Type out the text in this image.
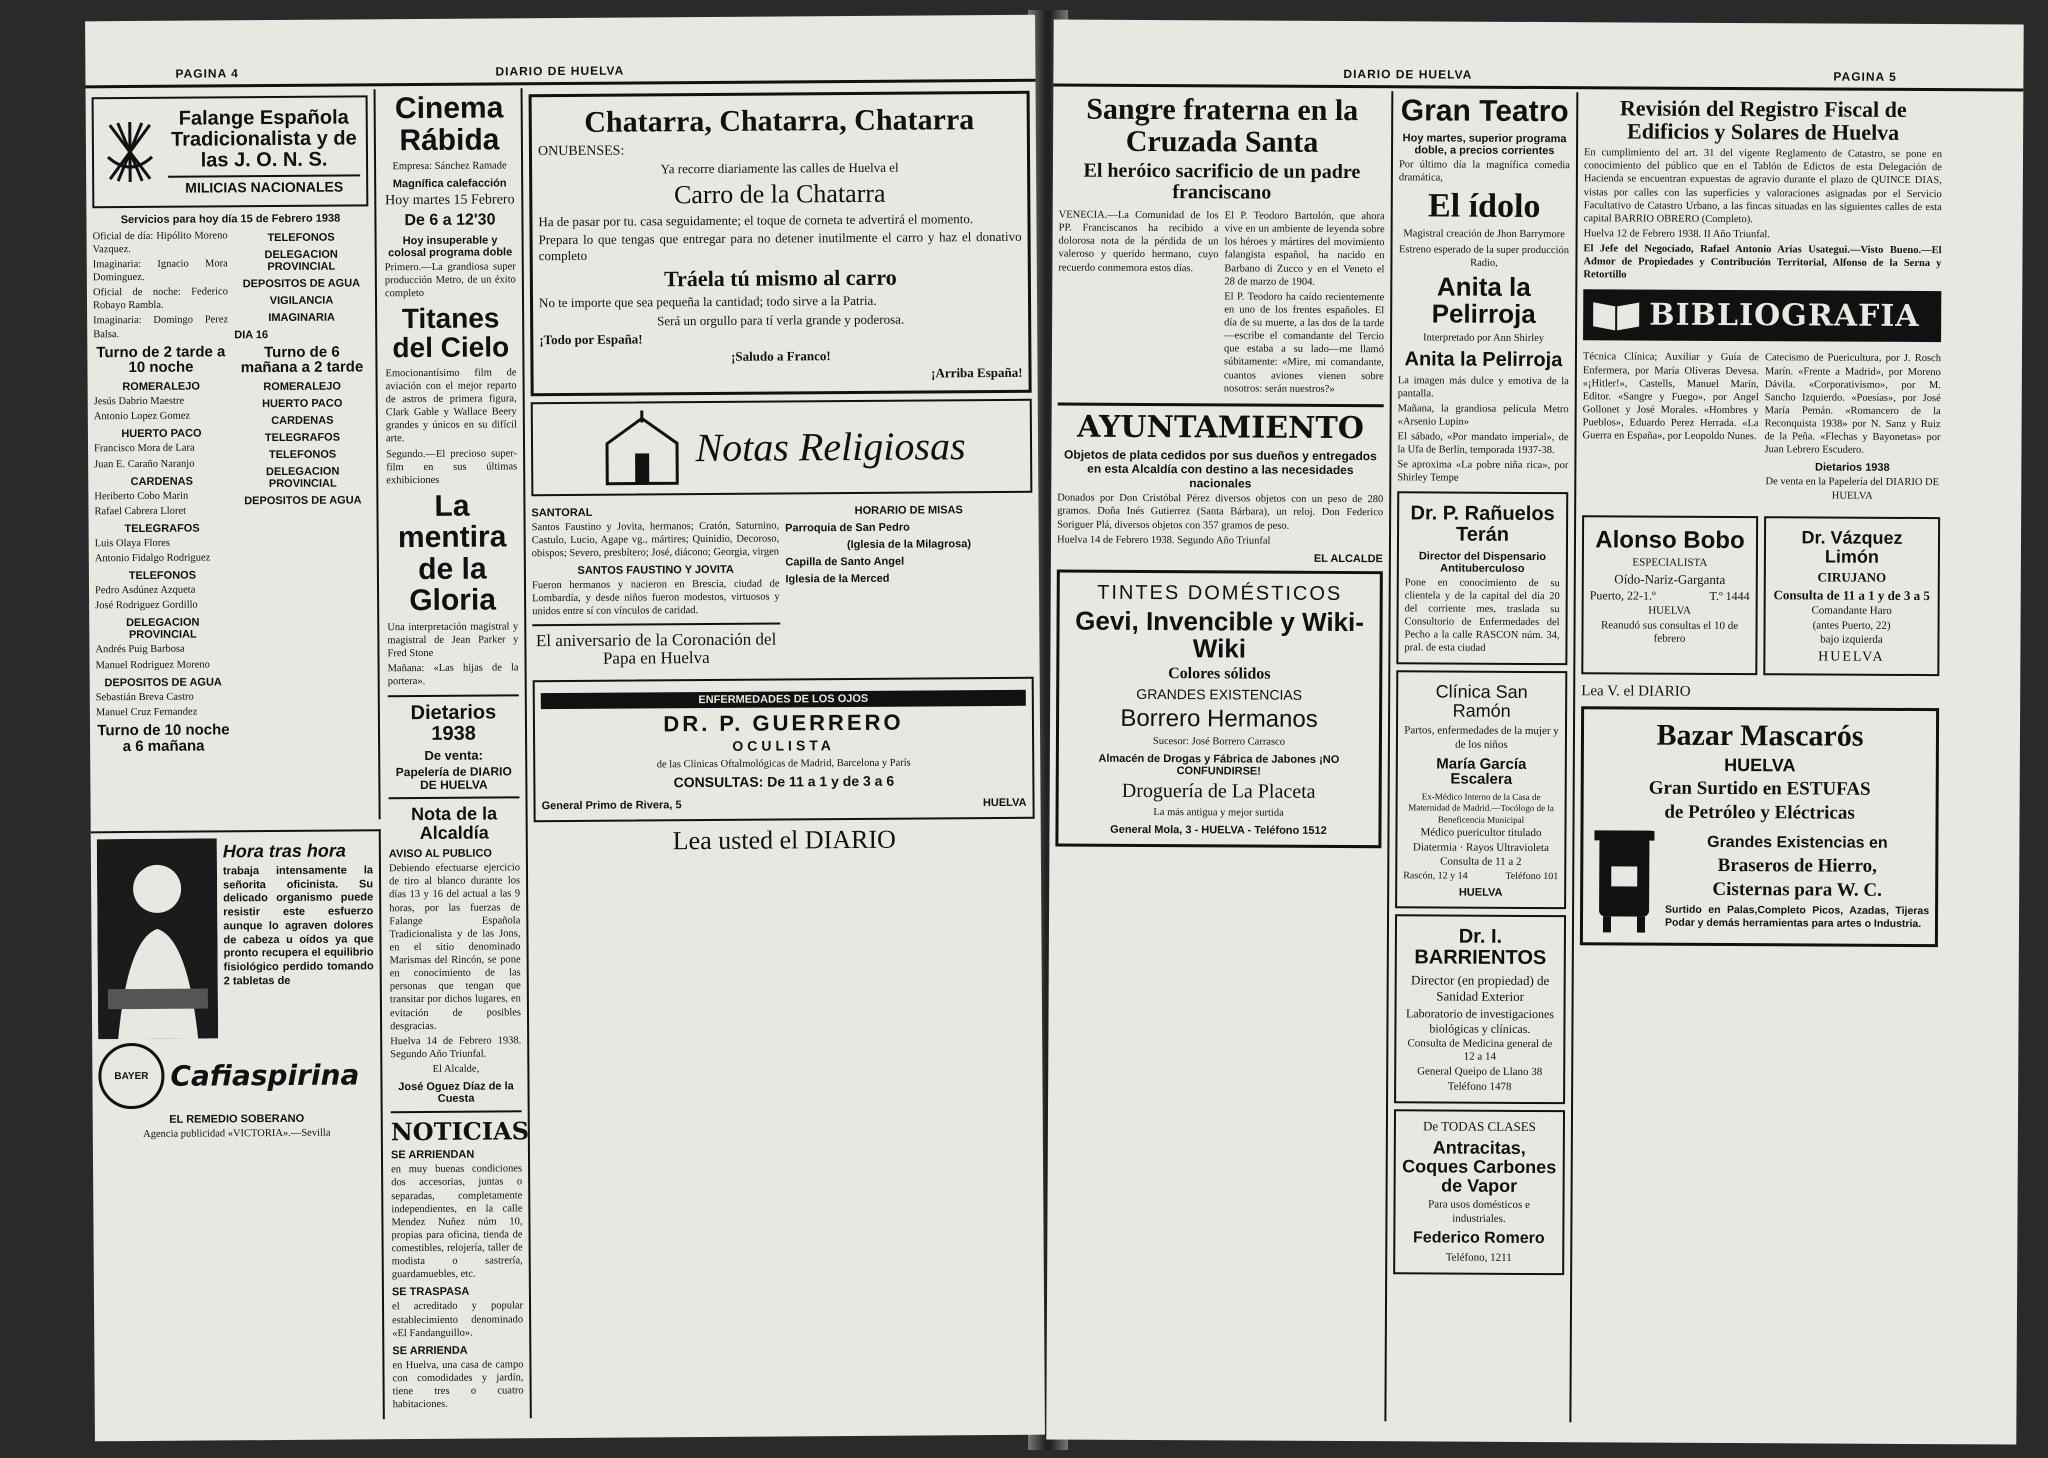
PAGINA 4	DIARIO DE HUELVA
Falange Española Tradicionalista y de las J. O. N. S.
MILICIAS NACIONALES
Servicios para hoy día 15 de Febrero 1938
Oficial de día: Hipólito Moreno Vazquez.
Imaginaria: Ignacio Mora Dominguez.
Oficial de noche: Federico Robayo Rambla.
Imaginaria: Domingo Perez Balsa.
Turno de 2 tarde a 10 noche
ROMERALEJO
Jesús Dabrio Maestre
Antonio Lopez Gomez
HUERTO PACO
Francisco Mora de Lara
Juan E. Caraño Naranjo
CARDENAS
Heriberto Cobo Marin
Rafael Cabrera Lloret
TELEGRAFOS
Luis Olaya Flores
Antonio Fidalgo Rodriguez
TELEFONOS
Pedro Asdúnez Azqueta
José Rodriguez Gordillo
DELEGACION PROVINCIAL
Andrés Puig Barbosa
Manuel Rodriguez Moreno
DEPOSITOS DE AGUA
Sebastián Breva Castro
Manuel Cruz Fernandez
Turno de 10 noche a 6 mañana
TELEFONOS
DELEGACION PROVINCIAL
DEPOSITOS DE AGUA
VIGILANCIA
IMAGINARIA
DIA 16
Turno de 6 mañana a 2 tarde
ROMERALEJO
HUERTO PACO
CARDENAS
TELEGRAFOS
TELEFONOS
DELEGACION PROVINCIAL
DEPOSITOS DE AGUA
Hora tras hora
trabaja intensamente la señorita oficinista. Su delicado organismo puede resistir este esfuerzo aunque lo agraven dolores de cabeza u oídos ya que pronto recupera el equilibrio fisiológico perdido tomando 2 tabletas de
BAYER Cafiaspirina
EL REMEDIO SOBERANO
Agencia publicidad «VICTORIA».—Sevilla
Cinema Rábida
Empresa: Sánchez Ramade
Magnífica calefacción
Hoy martes 15 Febrero
De 6 a 12'30
Hoy insuperable y colosal programa doble
Primero.—La grandiosa super producción Metro, de un éxito completo
Titanes del Cielo
Emocionantísimo film de aviación con el mejor reparto de astros de primera figura, Clark Gable y Wallace Beery grandes y únicos en su difícil arte.
Segundo.—El precioso super-film en sus últimas exhibiciones
La mentira de la Gloria
Una interpretación magistral y magistral de Jean Parker y Fred Stone
Mañana: «Las hijas de la portera».
Dietarios 1938
De venta:
Papelería de DIARIO DE HUELVA
Nota de la Alcaldía
AVISO AL PUBLICO
Debiendo efectuarse ejercicio de tiro al blanco durante los días 13 y 16 del actual a las 9 horas, por las fuerzas de Falange Española Tradicionalista y de las Jons, en el sitio denominado Marismas del Rincón, se pone en conocimiento de las personas que tengan que transitar por dichos lugares, en evitación de posibles desgracias.
Huelva 14 de Febrero 1938. Segundo Año Triunfal.
El Alcalde,
José Oguez Díaz de la Cuesta
NOTICIAS
SE ARRIENDAN
en muy buenas condiciones dos accesorias, juntas o separadas, completamente independientes, en la calle Mendez Nuñez núm 10, propias para oficina, tienda de comestibles, relojería, taller de modista o sastrería, guardamuebles, etc.
SE TRASPASA
el acreditado y popular establecimiento denominado «El Fandanguillo».
SE ARRIENDA
en Huelva, una casa de campo con comodidades y jardín, tiene tres o cuatro habitaciones.
Chatarra, Chatarra, Chatarra
ONUBENSES:
Ya recorre diariamente las calles de Huelva el
Carro de la Chatarra
Ha de pasar por tu. casa seguidamente; el toque de corneta te advertirá el momento.
Prepara lo que tengas que entregar para no detener inutilmente el carro y haz el donativo completo
Tráela tú mismo al carro
No te importe que sea pequeña la cantidad; todo sirve a la Patria.
Será un orgullo para tí verla grande y poderosa.
¡Todo por España!
¡Saludo a Franco!
¡Arriba España!
Notas Religiosas
SANTORAL
Santos Faustino y Jovita, hermanos; Cratón, Saturnino, Castulo, Lucio, Agape vg., mártires; Quinidio, Decoroso, obispos; Severo, presbítero; José, diácono; Georgia, virgen
SANTOS FAUSTINO Y JOVITA
Fueron hermanos y nacieron en Brescia, ciudad de Lombardía, y desde niños fueron modestos, virtuosos y unidos entre sí con vínculos de caridad.
El aniversario de la Coronación del Papa en Huelva
HORARIO DE MISAS
Parroquia de San Pedro
(Iglesia de la Milagrosa)
Capilla de Santo Angel
Iglesia de la Merced
ENFERMEDADES DE LOS OJOS
DR. P. GUERRERO
OCULISTA
de las Clínicas Oftalmológicas de Madrid, Barcelona y París
CONSULTAS: De 11 a 1 y de 3 a 6
General Primo de Rivera, 5	HUELVA
Lea usted el DIARIO
DIARIO DE HUELVA	PAGINA 5
Sangre fraterna en la Cruzada Santa
El heróico sacrificio de un padre franciscano
VENECIA.—La Comunidad de los PP. Franciscanos ha recibido a dolorosa nota de la pérdida de un valeroso y querido hermano, cuyo recuerdo conmemora estos días.
El P. Teodoro Bartolón, que ahora vive en un ambiente de leyenda sobre los héroes y mártires del movimiento falangista español, ha nacido en Barbano di Zucco y en el Veneto el 28 de marzo de 1904.
El P. Teodoro ha caído recientemente en uno de los frentes españoles. El día de su muerte, a las dos de la tarde—escribe el comandante del Tercio que estaba a su lado—me llamó súbitamente: «Mire, mi comandante, cuantos aviones vienen sobre nosotros: serán nuestros?»
AYUNTAMIENTO
Objetos de plata cedidos por sus dueños y entregados en esta Alcaldía con destino a las necesidades nacionales
Donados por Don Cristóbal Pérez diversos objetos con un peso de 280 gramos. Doña Inés Gutierrez (Santa Bárbara), un reloj. Don Federico Soriguer Plá, diversos objetos con 357 gramos de peso.
Huelva 14 de Febrero 1938. Segundo Año Triunfal
EL ALCALDE
TINTES DOMÉSTICOS
Gevi, Invencible y Wiki-Wiki
Colores sólidos
GRANDES EXISTENCIAS
Borrero Hermanos
Sucesor: José Borrero Carrasco
Almacén de Drogas y Fábrica de Jabones ¡NO CONFUNDIRSE!
Droguería de La Placeta
La más antigua y mejor surtida
General Mola, 3 - HUELVA - Teléfono 1512
Gran Teatro
Hoy martes, superior programa doble, a precios corrientes
Por último día la magnífica comedia dramática,
El ídolo
Magistral creación de Jhon Barrymore
Estreno esperado de la super producción Radio,
Anita la Pelirroja
Interpretado por Ann Shirley
Anita la Pelirroja
La imagen más dulce y emotiva de la pantalla.
Mañana, la grandiosa película Metro «Arsenio Lupin»
El sábado, «Por mandato imperial», de la Ufa de Berlín, temporada 1937-38.
Se aproxima «La pobre niña rica», por Shirley Tempe
Dr. P. Rañuelos Terán
Director del Dispensario Antituberculoso
Pone en conocimiento de su clientela y de la capital del día 20 del corriente mes, traslada su Consultorio de Enfermedades del Pecho a la calle RASCON núm. 34, pral. de esta ciudad
Clínica San Ramón
Partos, enfermedades de la mujer y de los niños
María García Escalera
Ex-Médico Interno de la Casa de Maternidad de Madrid.—Tocólogo de la Beneficencia Municipal
Médico puericultor titulado
Diatermia · Rayos Ultravioleta
Consulta de 11 a 2
Rascón, 12 y 14	Teléfono 101
HUELVA
Dr. I. BARRIENTOS
Director (en propiedad) de Sanidad Exterior
Laboratorio de investigaciones biológicas y clínicas.
Consulta de Medicina general de 12 a 14
General Queipo de Llano 38
Teléfono 1478
De TODAS CLASES
Antracitas, Coques Carbones de Vapor
Para usos domésticos e industriales.
Federico Romero
Teléfono, 1211
Revisión del Registro Fiscal de Edificios y Solares de Huelva
En cumplimiento del art. 31 del vigente Reglamento de Catastro, se pone en conocimiento del público que en el Tablón de Edictos de esta Delegación de Hacienda se encuentran expuestas de agravio durante el plazo de QUINCE DIAS, vistas por calles con las superficies y valoraciones asignadas por el Servicio Facultativo de Catastro Urbano, a las fincas situadas en las siguientes calles de esta capital BARRIO OBRERO (Completo).
Huelva 12 de Febrero 1938. II Año Triunfal.
El Jefe del Negociado, Rafael Antonio Arias Usategui.—Visto Bueno.—El Admor de Propiedades y Contribución Territorial, Alfonso de la Serna y Retortillo
BIBLIOGRAFIA
Técnica Clínica; Auxiliar y Guía de Enfermera, por María Oliveras Devesa. «¡Hitler!», Castells, Manuel Marín, Editor. «Sangre y Fuego», por Angel Gollonet y José Morales. «Hombres y Pueblos», Eduardo Perez Herrada. «La Guerra en España», por Leopoldo Nunes.
Catecismo de Puericultura, por J. Rosch Marín. «Frente a Madrid», por Moreno Dávila. «Corporativismo», por M. Sancho Izquierdo. «Poesías», por José María Pemán. «Romancero de la Reconquista 1938» por N. Sanz y Ruiz de la Peña. «Flechas y Bayonetas» por Juan Lebrero Escudero.
Dietarios 1938
De venta en la Papelería del DIARIO DE HUELVA
Alonso Bobo
ESPECIALISTA
Oído-Nariz-Garganta
Puerto, 22-1.º	T.º 1444
HUELVA
Reanudó sus consultas el 10 de febrero
Dr. Vázquez Limón
CIRUJANO
Consulta de 11 a 1 y de 3 a 5
Comandante Haro
(antes Puerto, 22)
bajo izquierda
HUELVA
Lea V. el DIARIO
Bazar Mascarós
HUELVA
Gran Surtido en ESTUFAS
de Petróleo y Eléctricas
Grandes Existencias en
Braseros de Hierro,
Cisternas para W. C.
Surtido en Palas,Completo Picos, Azadas, Tijeras Podar y demás herramientas para artes o Industria.
